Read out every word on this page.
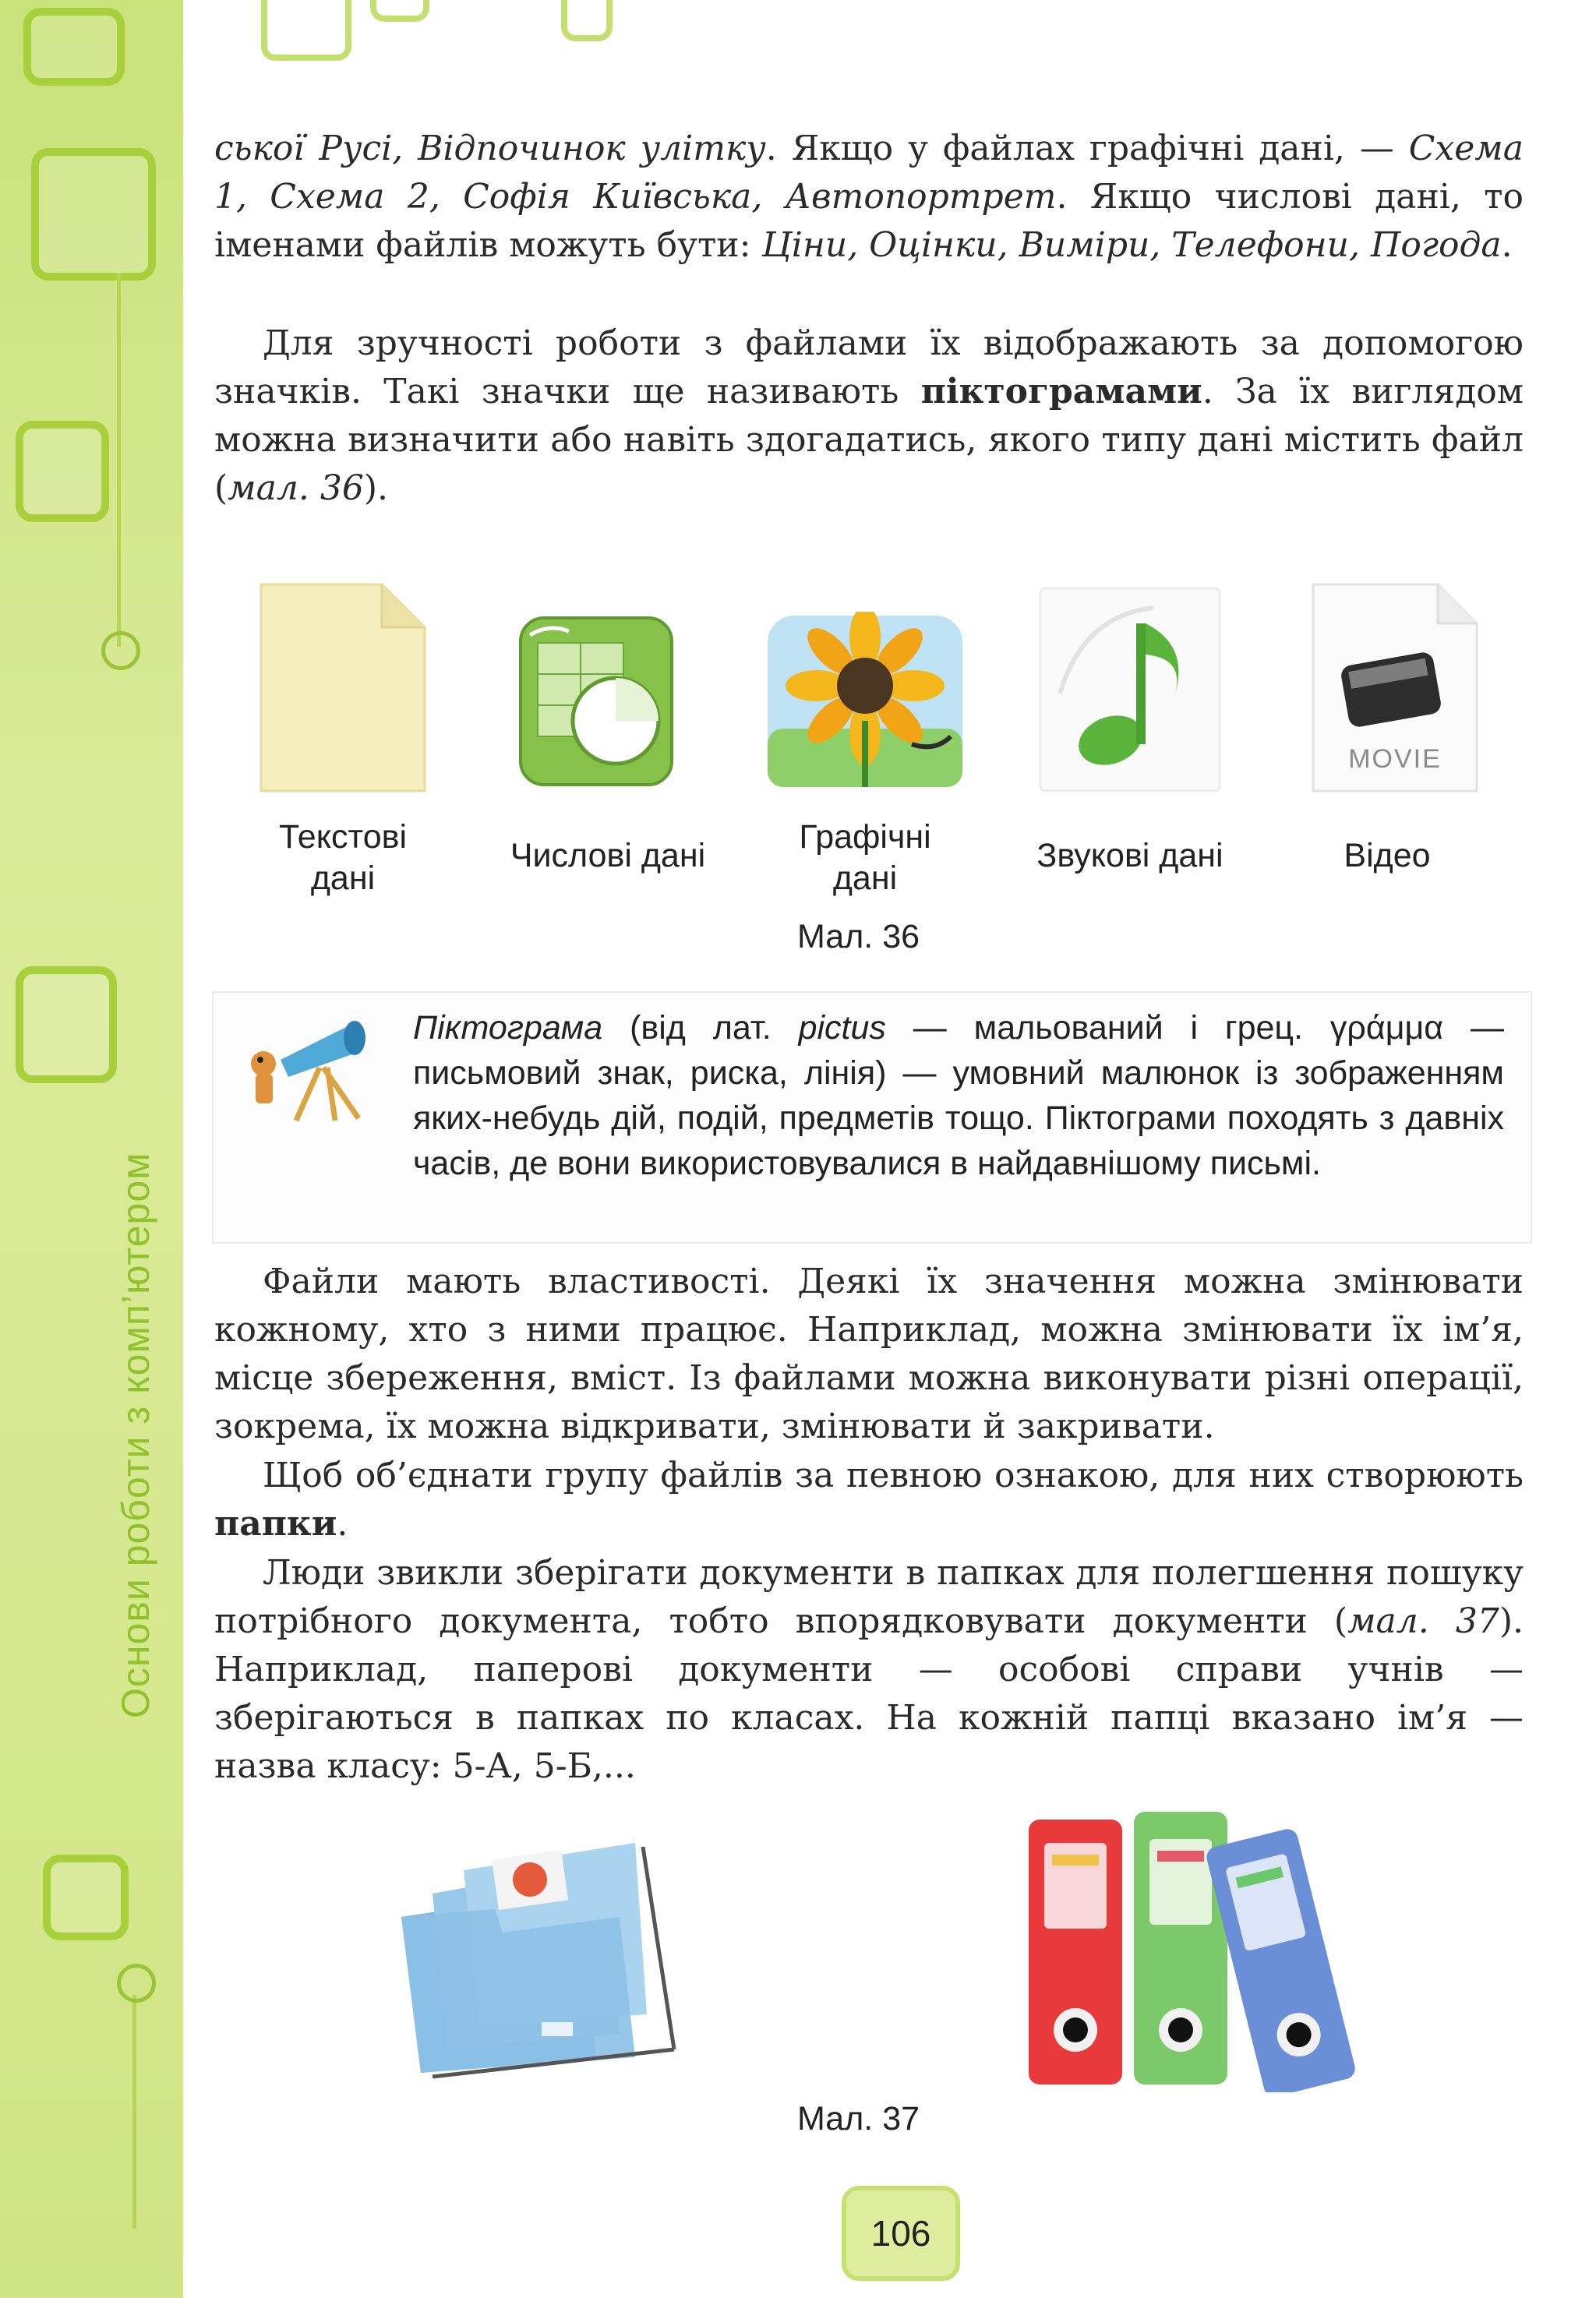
Основи роботи з комп’ютером

ської Русі, Відпочинок улітку. Якщо у файлах графічні дані, — Схема 1, Схема 2, Софія Київська, Автопортрет. Якщо числові дані, то іменами файлів можуть бути: Ціни, Оцінки, Виміри, Телефони, Погода.

Для зручності роботи з файлами їх відображають за допомогою значків. Такі значки ще називають піктограмами. За їх виглядом можна визначити або навіть здогадатись, якого типу дані містить файл (мал. 36).

MOVIE
Текстові
дані
Числові дані	Графічні
дані
Звукові дані	Відео
Мал. 36
Піктограма (від лат. pictus — мальований і грец. γράμμα — письмовий знак, риска, лінія) — умовний малюнок із зображенням яких-небудь дій, подій, предметів тощо. Піктограми походять з давніх часів, де вони використовувалися в найдавнішому письмі.

Файли мають властивості. Деякі їх значення можна змінювати кожному, хто з ними працює. Наприклад, можна змінювати їх ім’я, місце збереження, вміст. Із файлами можна виконувати різні операції, зокрема, їх можна відкривати, змінювати й закривати.

Щоб об’єднати групу файлів за певною ознакою, для них створюють папки.

Люди звикли зберігати документи в папках для полегшення пошуку потрібного документа, тобто впорядковувати документи (мал. 37). Наприклад, паперові документи — особові справи учнів — зберігаються в папках по класах. На кожній папці вказано ім’я — назва класу: 5-А, 5-Б,...

Мал. 37
106
